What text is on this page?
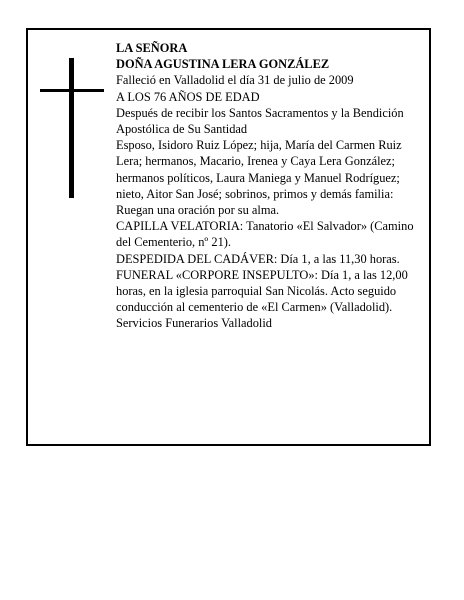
LA SEÑORA

DOÑA AGUSTINA LERA GONZÁLEZ

Falleció en Valladolid el día 31 de julio de 2009

A LOS 76 AÑOS DE EDAD

Después de recibir los Santos Sacramentos y la Bendición Apostólica de Su Santidad

Esposo, Isidoro Ruiz López; hija, María del Carmen Ruiz Lera; hermanos, Macario, Irenea y Caya Lera González; hermanos políticos, Laura Maniega y Manuel Rodríguez; nieto, Aitor San José; sobrinos, primos y demás familia:

Ruegan una oración por su alma.

CAPILLA VELATORIA: Tanatorio «El Salvador» (Camino del Cementerio, nº 21).

DESPEDIDA DEL CADÁVER: Día 1, a las 11,30 horas.

FUNERAL «CORPORE INSEPULTO»: Día 1, a las 12,00 horas, en la iglesia parroquial San Nicolás. Acto seguido conducción al cementerio de «El Carmen» (Valladolid).

Servicios Funerarios Valladolid
